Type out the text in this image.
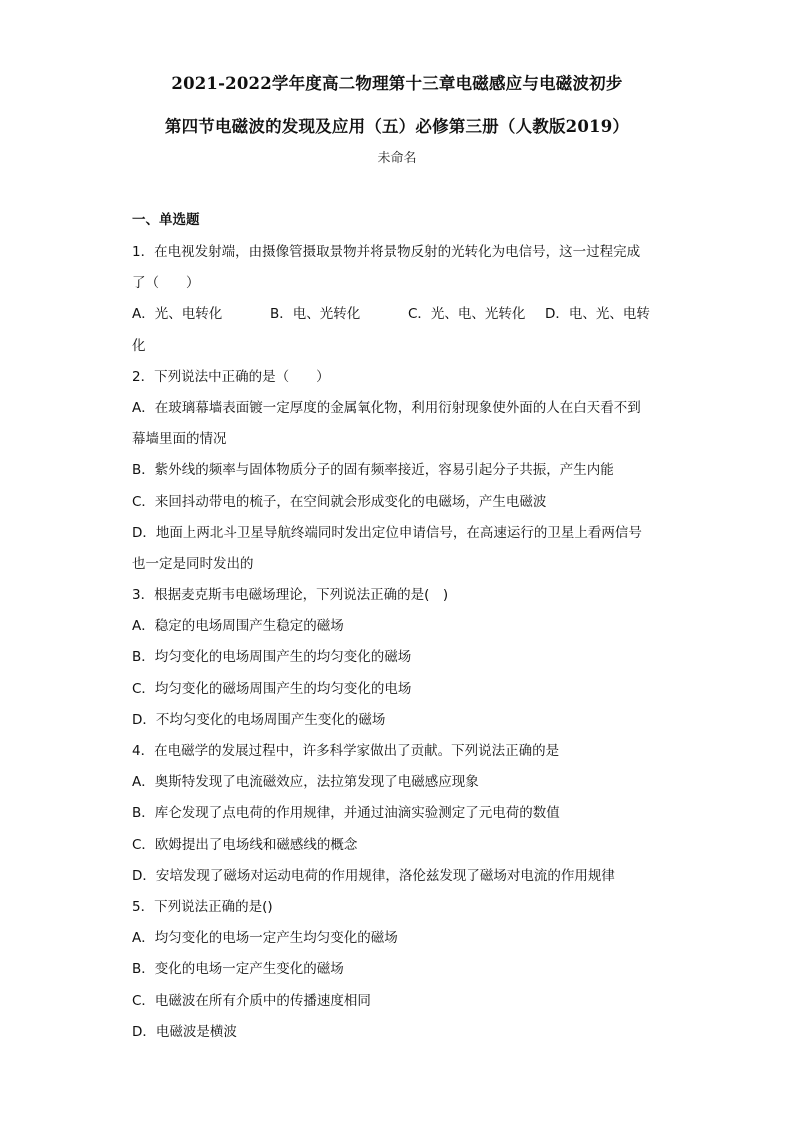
2021-2022学年度高二物理第十三章电磁感应与电磁波初步
第四节电磁波的发现及应用（五）必修第三册（人教版2019）
未命名
一、单选题
1．在电视发射端，由摄像管摄取景物并将景物反射的光转化为电信号，这一过程完成
了（　　）
A．光、电转化	B．电、光转化	C．光、电、光转化	D．电、光、电转
化
2．下列说法中正确的是（　　）
A．在玻璃幕墙表面镀一定厚度的金属氧化物，利用衍射现象使外面的人在白天看不到
幕墙里面的情况
B．紫外线的频率与固体物质分子的固有频率接近，容易引起分子共振，产生内能
C．来回抖动带电的梳子，在空间就会形成变化的电磁场，产生电磁波
D．地面上两北斗卫星导航终端同时发出定位申请信号，在高速运行的卫星上看两信号
也一定是同时发出的
3．根据麦克斯韦电磁场理论，下列说法正确的是(　)
A．稳定的电场周围产生稳定的磁场
B．均匀变化的电场周围产生的均匀变化的磁场
C．均匀变化的磁场周围产生的均匀变化的电场
D．不均匀变化的电场周围产生变化的磁场
4．在电磁学的发展过程中，许多科学家做出了贡献。下列说法正确的是
A．奥斯特发现了电流磁效应，法拉第发现了电磁感应现象
B．库仑发现了点电荷的作用规律，并通过油滴实验测定了元电荷的数值
C．欧姆提出了电场线和磁感线的概念
D．安培发现了磁场对运动电荷的作用规律，洛伦兹发现了磁场对电流的作用规律
5．下列说法正确的是()
A．均匀变化的电场一定产生均匀变化的磁场
B．变化的电场一定产生变化的磁场
C．电磁波在所有介质中的传播速度相同
D．电磁波是横波
